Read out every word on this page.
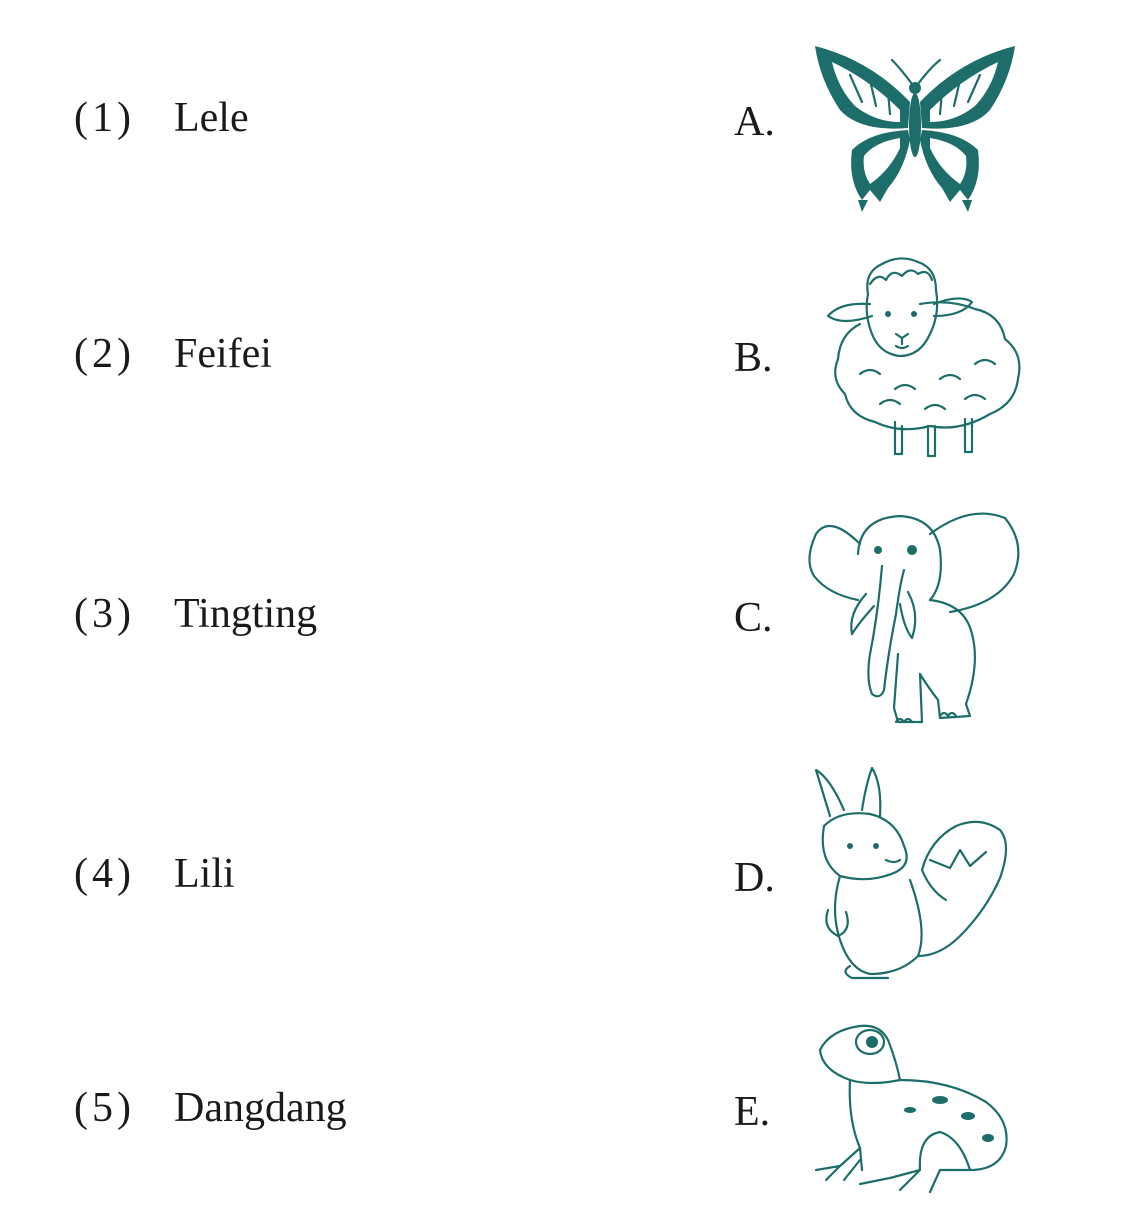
(1) Lele	A.
(2) Feifei	B.
(3) Tingting	C.
(4) Lili	D.
(5) Dangdang	E.
